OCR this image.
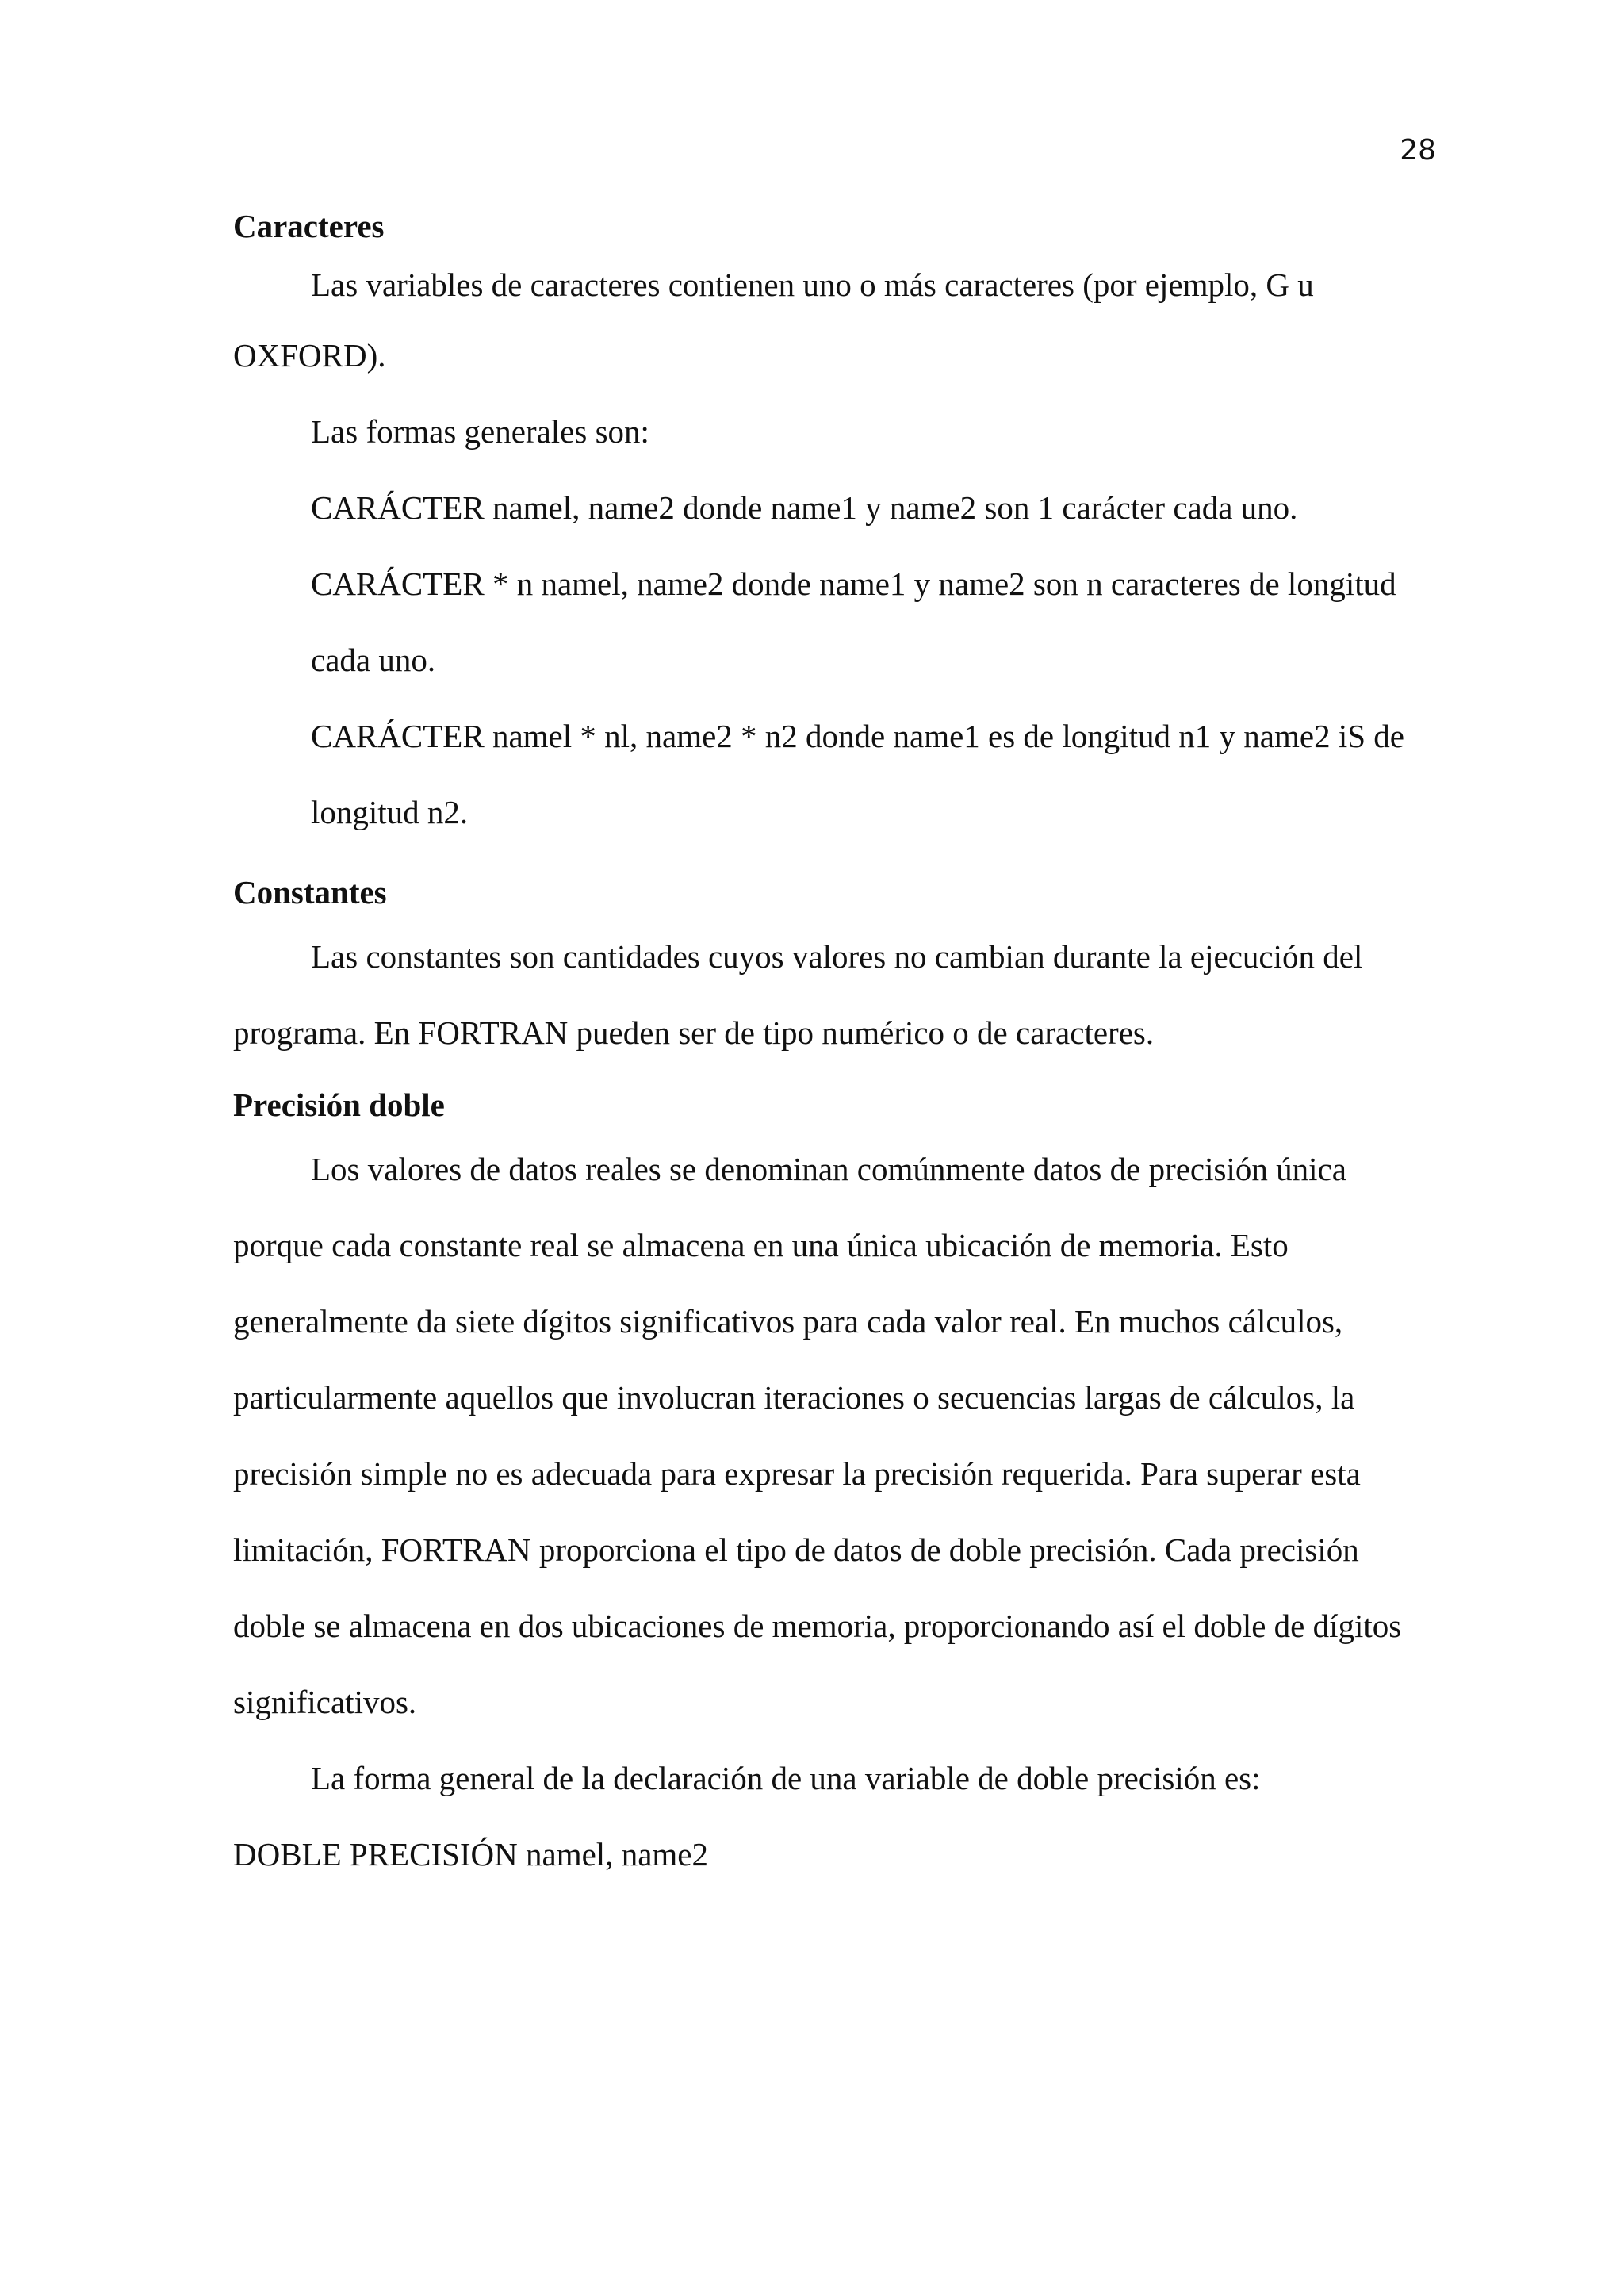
28
Caracteres
Las variables de caracteres contienen uno o más caracteres (por ejemplo, G u
OXFORD).
Las formas generales son:
CARÁCTER namel, name2 donde name1 y name2 son 1 carácter cada uno.
CARÁCTER * n namel, name2 donde name1 y name2 son n caracteres de longitud
cada uno.
CARÁCTER namel * nl, name2 * n2 donde name1 es de longitud n1 y name2 iS de
longitud n2.
Constantes
Las constantes son cantidades cuyos valores no cambian durante la ejecución del
programa. En FORTRAN pueden ser de tipo numérico o de caracteres.
Precisión doble
Los valores de datos reales se denominan comúnmente datos de precisión única
porque cada constante real se almacena en una única ubicación de memoria. Esto
generalmente da siete dígitos significativos para cada valor real. En muchos cálculos,
particularmente aquellos que involucran iteraciones o secuencias largas de cálculos, la
precisión simple no es adecuada para expresar la precisión requerida. Para superar esta
limitación, FORTRAN proporciona el tipo de datos de doble precisión. Cada precisión
doble se almacena en dos ubicaciones de memoria, proporcionando así el doble de dígitos
significativos.
La forma general de la declaración de una variable de doble precisión es:
DOBLE PRECISIÓN namel, name2
